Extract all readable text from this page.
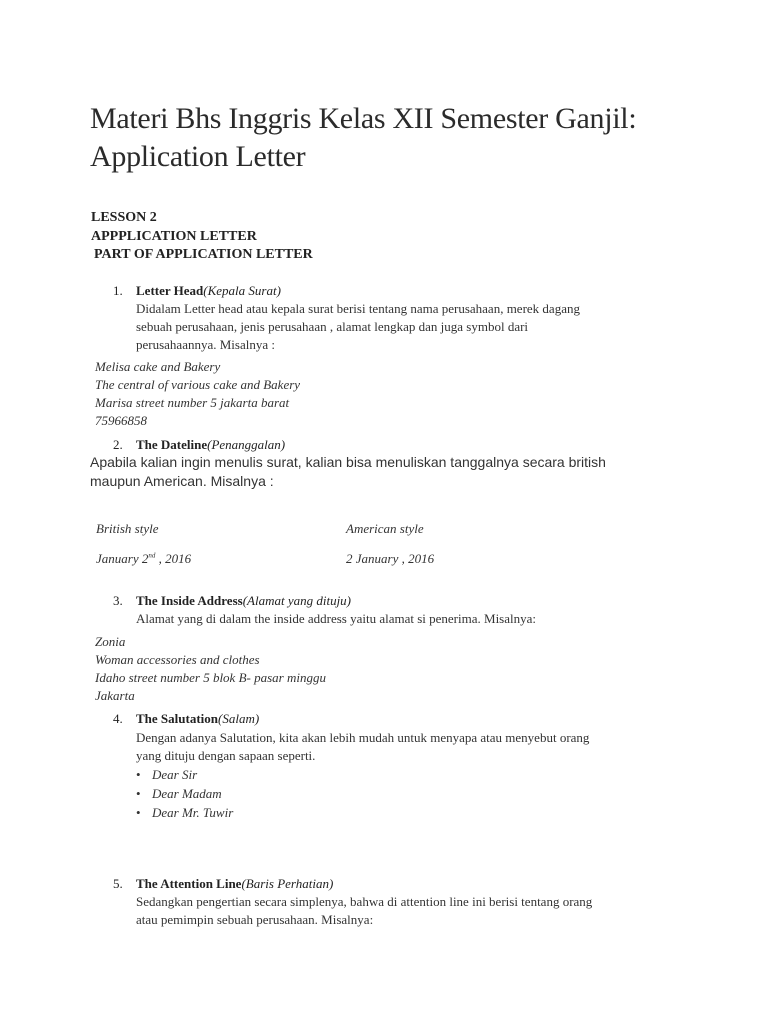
Materi Bhs Inggris Kelas XII Semester Ganjil:
Application Letter
LESSON 2
APPPLICATION LETTER
PART OF APPLICATION LETTER
1. Letter Head(Kepala Surat)
Didalam Letter head atau kepala surat berisi tentang nama perusahaan, merek dagang
sebuah perusahaan, jenis perusahaan , alamat lengkap dan juga symbol dari
perusahaannya. Misalnya :
Melisa cake and Bakery
The central of various cake and Bakery
Marisa street number 5 jakarta barat
75966858
2. The Dateline(Penanggalan)
Apabila kalian ingin menulis surat, kalian bisa menuliskan tanggalnya secara british
maupun American. Misalnya :
British style	American style
January 2nd , 2016	2 January , 2016
3. The Inside Address(Alamat yang dituju)
Alamat yang di dalam the inside address yaitu alamat si penerima. Misalnya:
Zonia
Woman accessories and clothes
Idaho street number 5 blok B- pasar minggu
Jakarta
4. The Salutation(Salam)
Dengan adanya Salutation, kita akan lebih mudah untuk menyapa atau menyebut orang
yang dituju dengan sapaan seperti.
• Dear Sir
• Dear Madam
• Dear Mr. Tuwir
5. The Attention Line(Baris Perhatian)
Sedangkan pengertian secara simplenya, bahwa di attention line ini berisi tentang orang
atau pemimpin sebuah perusahaan. Misalnya:
